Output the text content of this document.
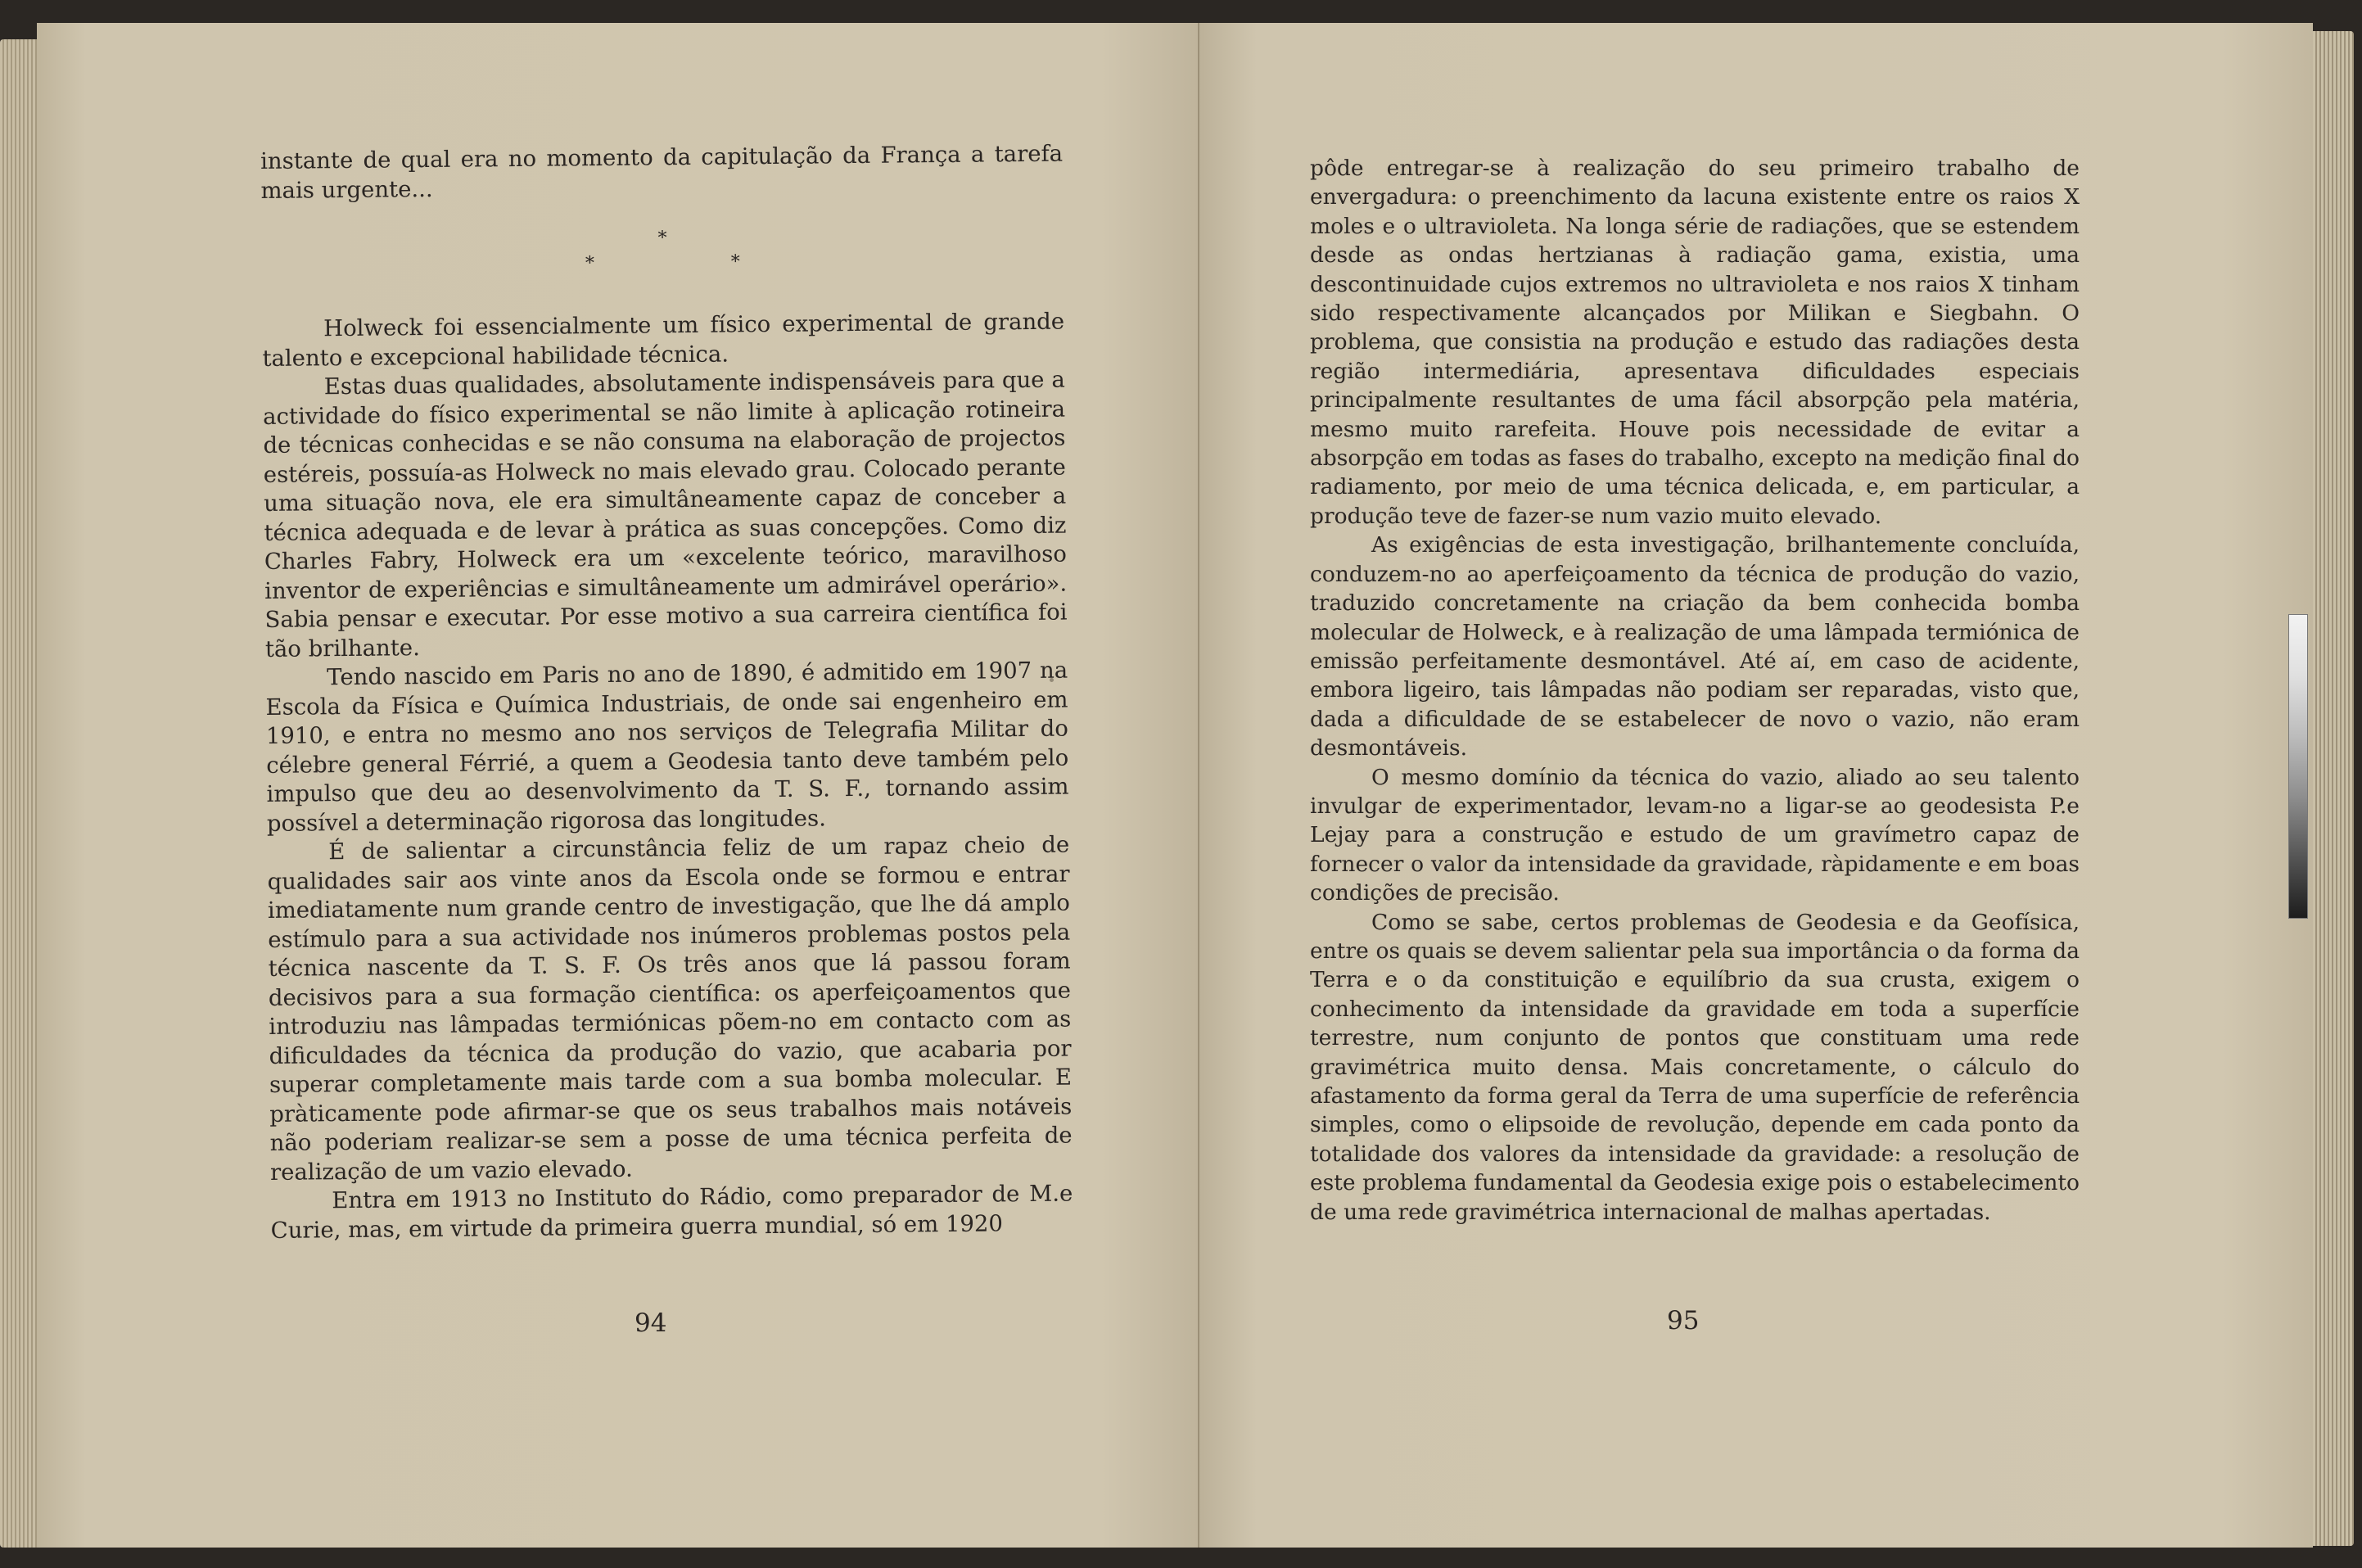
instante de qual era no momento da capitulação da França a tarefa mais urgente...

*
* *

Holweck foi essencialmente um físico experimental de grande talento e excepcional habilidade técnica.

Estas duas qualidades, absolutamente indispensáveis para que a actividade do físico experimental se não limite à aplicação rotineira de técnicas conhecidas e se não consuma na elaboração de projectos estéreis, possuía-as Holweck no mais elevado grau. Colocado perante uma situação nova, ele era simultâneamente capaz de conceber a técnica adequada e de levar à prática as suas concepções. Como diz Charles Fabry, Holweck era um «excelente teórico, maravilhoso inventor de experiências e simultâneamente um admirável operário». Sabia pensar e executar. Por esse motivo a sua carreira científica foi tão brilhante.

Tendo nascido em Paris no ano de 1890, é admitido em 1907 na Escola da Física e Química Industriais, de onde sai engenheiro em 1910, e entra no mesmo ano nos serviços de Telegrafia Militar do célebre general Férrié, a quem a Geodesia tanto deve também pelo impulso que deu ao desenvolvimento da T. S. F., tornando assim possível a determinação rigorosa das longitudes.

É de salientar a circunstância feliz de um rapaz cheio de qualidades sair aos vinte anos da Escola onde se formou e entrar imediatamente num grande centro de investigação, que lhe dá amplo estímulo para a sua actividade nos inúmeros problemas postos pela técnica nascente da T. S. F. Os três anos que lá passou foram decisivos para a sua formação científica: os aperfeiçoamentos que introduziu nas lâmpadas termiónicas põem-no em contacto com as dificuldades da técnica da produção do vazio, que acabaria por superar completamente mais tarde com a sua bomba molecular. E pràticamente pode afirmar-se que os seus trabalhos mais notáveis não poderiam realizar-se sem a posse de uma técnica perfeita de realização de um vazio elevado.

Entra em 1913 no Instituto do Rádio, como preparador de M.e Curie, mas, em virtude da primeira guerra mundial, só em 1920

94

pôde entregar-se à realização do seu primeiro trabalho de envergadura: o preenchimento da lacuna existente entre os raios X moles e o ultravioleta. Na longa série de radiações, que se estendem desde as ondas hertzianas à radiação gama, existia, uma descontinuidade cujos extremos no ultravioleta e nos raios X tinham sido respectivamente alcançados por Milikan e Siegbahn. O problema, que consistia na produção e estudo das radiações desta região intermediária, apresentava dificuldades especiais principalmente resultantes de uma fácil absorpção pela matéria, mesmo muito rarefeita. Houve pois necessidade de evitar a absorpção em todas as fases do trabalho, excepto na medição final do radiamento, por meio de uma técnica delicada, e, em particular, a produção teve de fazer-se num vazio muito elevado.

As exigências de esta investigação, brilhantemente concluída, conduzem-no ao aperfeiçoamento da técnica de produção do vazio, traduzido concretamente na criação da bem conhecida bomba molecular de Holweck, e à realização de uma lâmpada termiónica de emissão perfeitamente desmontável. Até aí, em caso de acidente, embora ligeiro, tais lâmpadas não podiam ser reparadas, visto que, dada a dificuldade de se estabelecer de novo o vazio, não eram desmontáveis.

O mesmo domínio da técnica do vazio, aliado ao seu talento invulgar de experimentador, levam-no a ligar-se ao geodesista P.e Lejay para a construção e estudo de um gravímetro capaz de fornecer o valor da intensidade da gravidade, ràpidamente e em boas condições de precisão.

Como se sabe, certos problemas de Geodesia e da Geofísica, entre os quais se devem salientar pela sua importância o da forma da Terra e o da constituição e equilíbrio da sua crusta, exigem o conhecimento da intensidade da gravidade em toda a superfície terrestre, num conjunto de pontos que constituam uma rede gravimétrica muito densa. Mais concretamente, o cálculo do afastamento da forma geral da Terra de uma superfície de referência simples, como o elipsoide de revolução, depende em cada ponto da totalidade dos valores da intensidade da gravidade: a resolução de este problema fundamental da Geodesia exige pois o estabelecimento de uma rede gravimétrica internacional de malhas apertadas.

95
